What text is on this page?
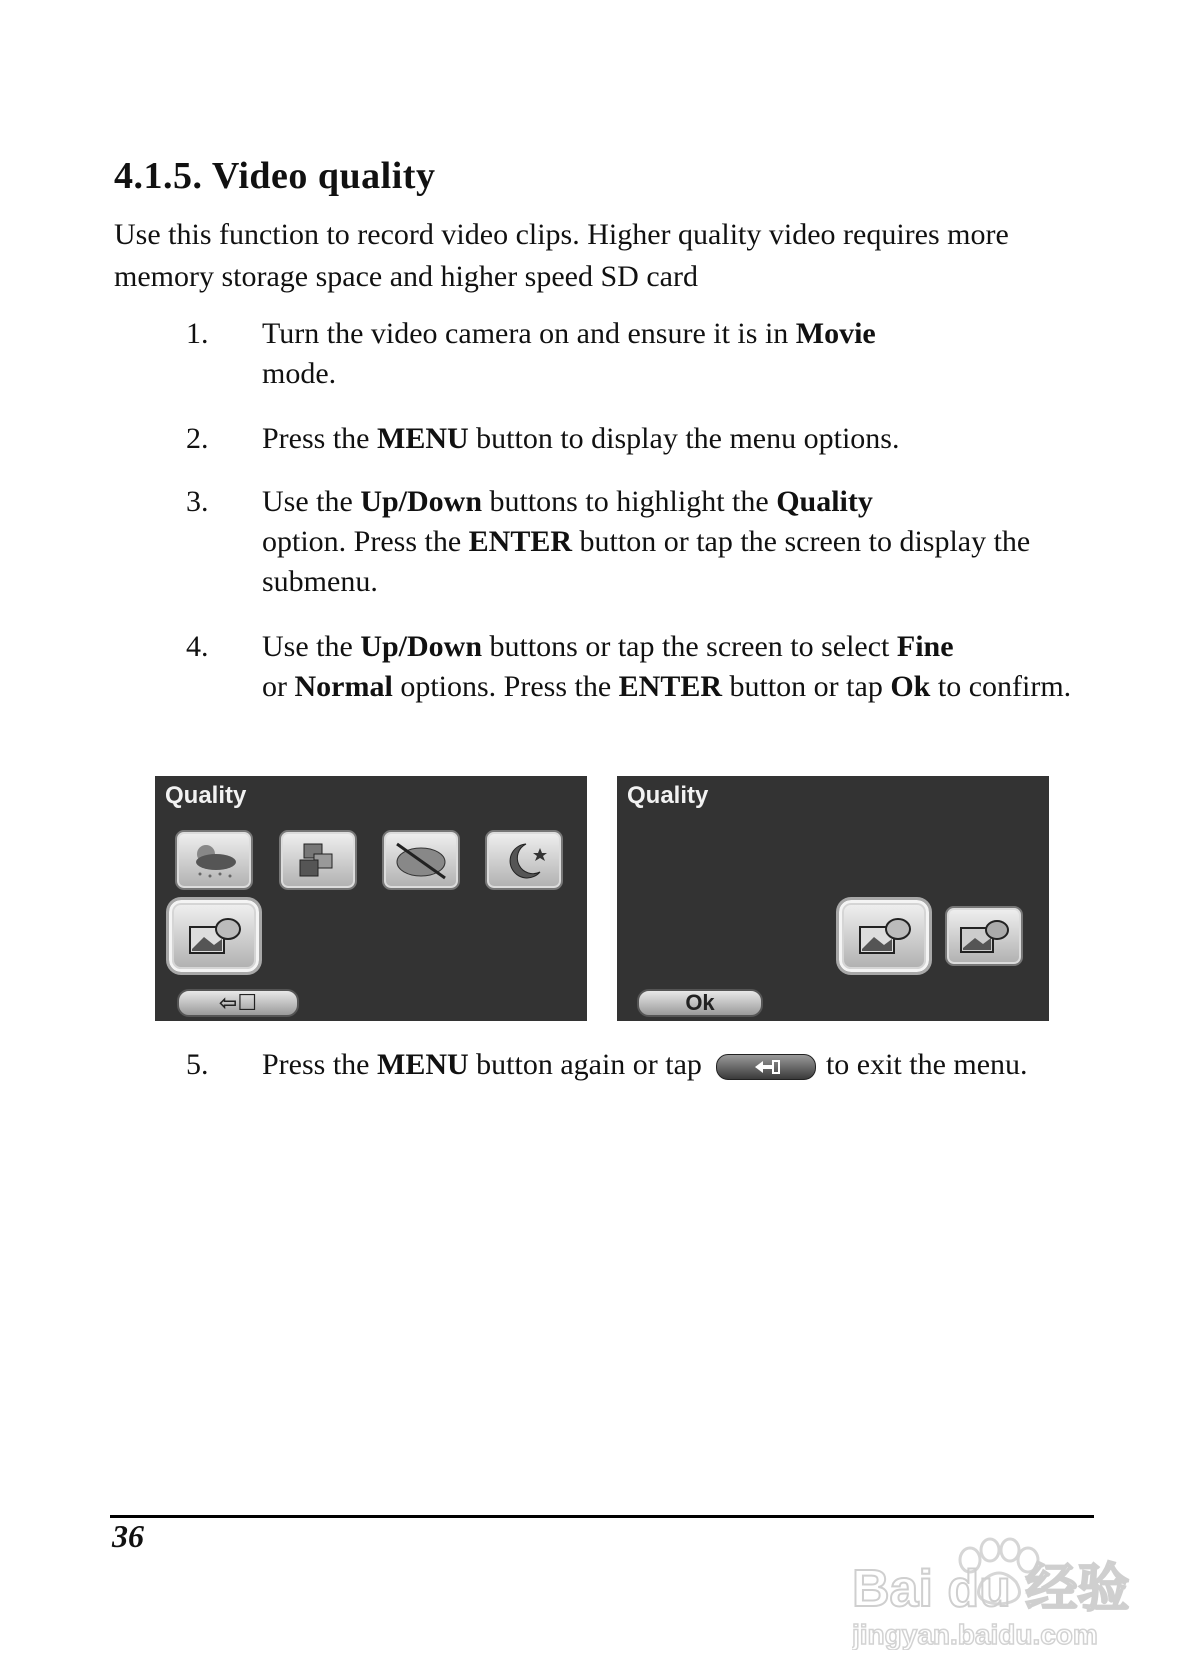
4.1.5. Video quality

Use this function to record video clips. Higher quality video requires more memory storage space and higher speed SD card

1.	Turn the video camera on and ensure it is in Movie
mode.
2.	Press the MENU button to display the menu options.
3.	Use the Up/Down buttons to highlight the Quality
option. Press the ENTER button or tap the screen to display the submenu.
4.	Use the Up/Down buttons or tap the screen to select Fine
or Normal options. Press the ENTER button or tap Ok to confirm.
Quality
⇦☐
Quality
Ok
5.	Press the MENU button again or tap	to exit the menu.
36
Bai du 经验
jingyan.baidu.com
